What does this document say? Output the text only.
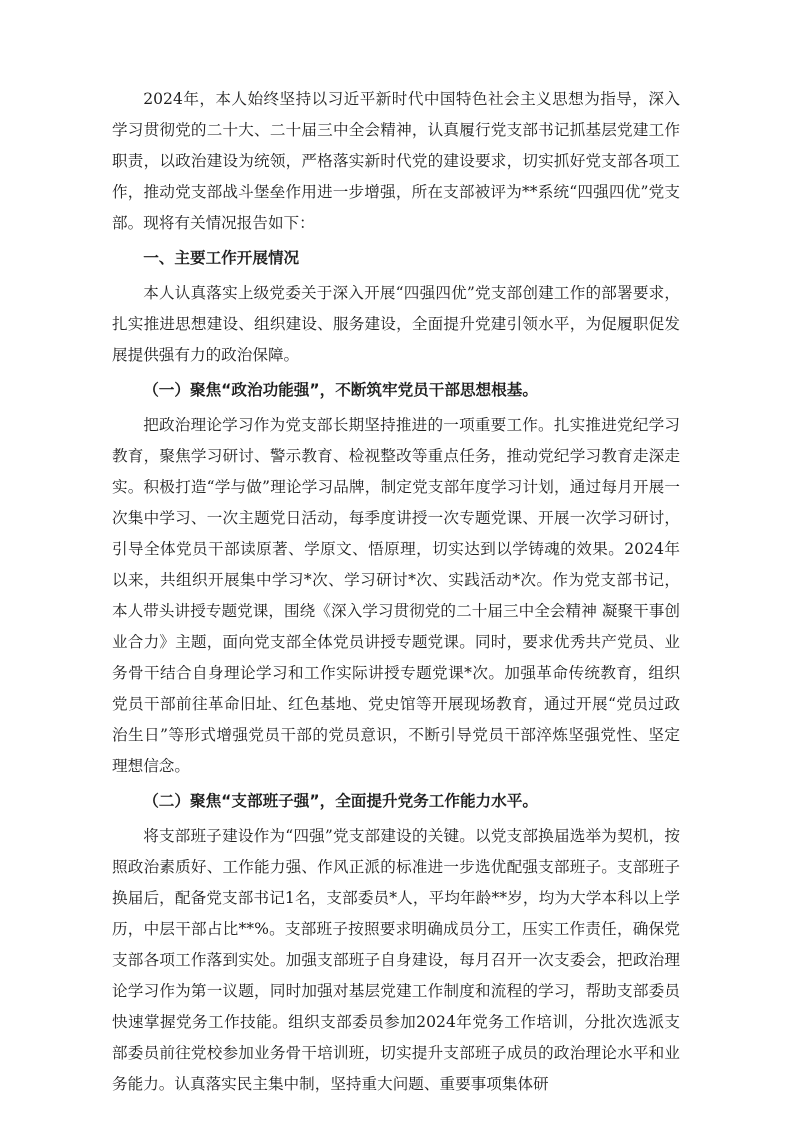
2024年，本人始终坚持以习近平新时代中国特色社会主义思想为指导，深入学习贯彻党的二十大、二十届三中全会精神，认真履行党支部书记抓基层党建工作职责，以政治建设为统领，严格落实新时代党的建设要求，切实抓好党支部各项工作，推动党支部战斗堡垒作用进一步增强，所在支部被评为**系统“四强四优”党支部。现将有关情况报告如下：

一、主要工作开展情况

本人认真落实上级党委关于深入开展“四强四优”党支部创建工作的部署要求，扎实推进思想建设、组织建设、服务建设，全面提升党建引领水平，为促履职促发展提供强有力的政治保障。

（一）聚焦“政治功能强”，不断筑牢党员干部思想根基。

把政治理论学习作为党支部长期坚持推进的一项重要工作。扎实推进党纪学习教育，聚焦学习研讨、警示教育、检视整改等重点任务，推动党纪学习教育走深走实。积极打造“学与做”理论学习品牌，制定党支部年度学习计划，通过每月开展一次集中学习、一次主题党日活动，每季度讲授一次专题党课、开展一次学习研讨，引导全体党员干部读原著、学原文、悟原理，切实达到以学铸魂的效果。2024年以来，共组织开展集中学习*次、学习研讨*次、实践活动*次。作为党支部书记，本人带头讲授专题党课，围绕《深入学习贯彻党的二十届三中全会精神 凝聚干事创业合力》主题，面向党支部全体党员讲授专题党课。同时，要求优秀共产党员、业务骨干结合自身理论学习和工作实际讲授专题党课*次。加强革命传统教育，组织党员干部前往革命旧址、红色基地、党史馆等开展现场教育，通过开展“党员过政治生日”等形式增强党员干部的党员意识，不断引导党员干部淬炼坚强党性、坚定理想信念。

（二）聚焦“支部班子强”，全面提升党务工作能力水平。

将支部班子建设作为“四强”党支部建设的关键。以党支部换届选举为契机，按照政治素质好、工作能力强、作风正派的标准进一步选优配强支部班子。支部班子换届后，配备党支部书记1名，支部委员*人，平均年龄**岁，均为大学本科以上学历，中层干部占比**%。支部班子按照要求明确成员分工，压实工作责任，确保党支部各项工作落到实处。加强支部班子自身建设，每月召开一次支委会，把政治理论学习作为第一议题，同时加强对基层党建工作制度和流程的学习，帮助支部委员快速掌握党务工作技能。组织支部委员参加2024年党务工作培训，分批次选派支部委员前往党校参加业务骨干培训班，切实提升支部班子成员的政治理论水平和业务能力。认真落实民主集中制，坚持重大问题、重要事项集体研
